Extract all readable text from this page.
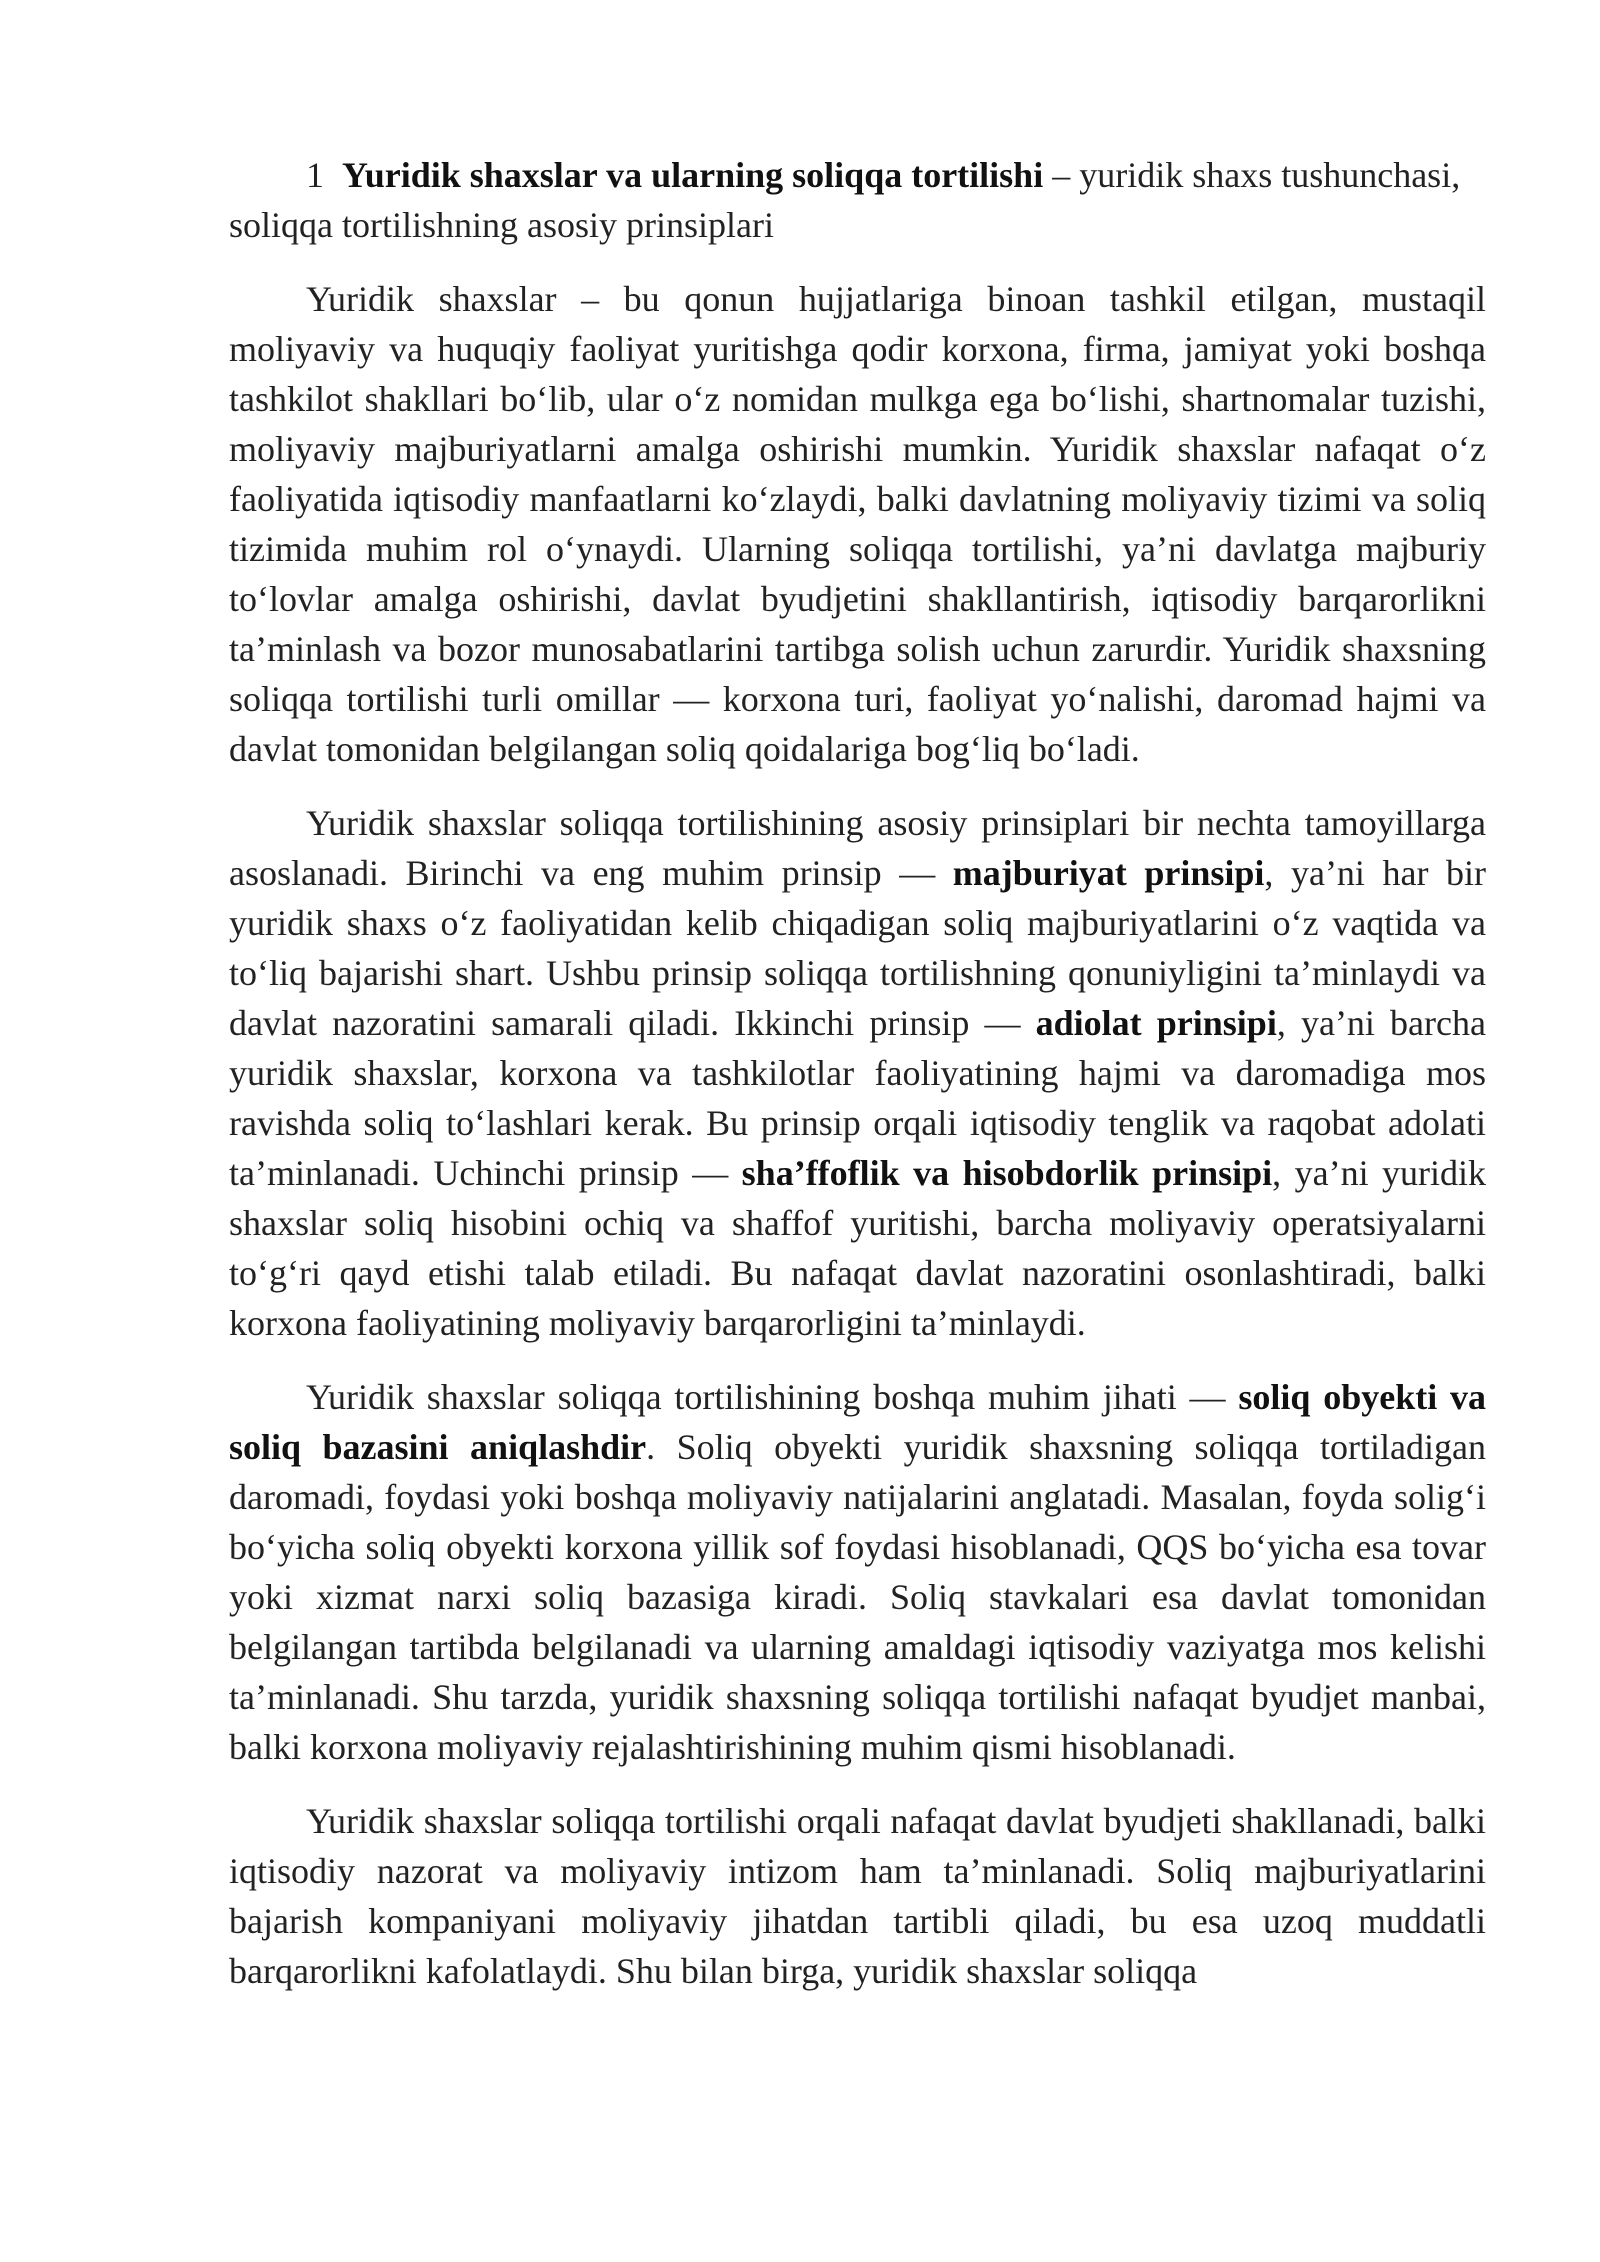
1 Yuridik shaxslar va ularning soliqqa tortilishi – yuridik shaxs tushunchasi, soliqqa tortilishning asosiy prinsiplari

Yuridik shaxslar – bu qonun hujjatlariga binoan tashkil etilgan, mustaqil moliyaviy va huquqiy faoliyat yuritishga qodir korxona, firma, jamiyat yoki boshqa tashkilot shakllari bo‘lib, ular o‘z nomidan mulkga ega bo‘lishi, shartnomalar tuzishi, moliyaviy majburiyatlarni amalga oshirishi mumkin. Yuridik shaxslar nafaqat o‘z faoliyatida iqtisodiy manfaatlarni ko‘zlaydi, balki davlatning moliyaviy tizimi va soliq tizimida muhim rol o‘ynaydi. Ularning soliqqa tortilishi, ya’ni davlatga majburiy to‘lovlar amalga oshirishi, davlat byudjetini shakllantirish, iqtisodiy barqarorlikni ta’minlash va bozor munosabatlarini tartibga solish uchun zarurdir. Yuridik shaxsning soliqqa tortilishi turli omillar — korxona turi, faoliyat yo‘nalishi, daromad hajmi va davlat tomonidan belgilangan soliq qoidalariga bog‘liq bo‘ladi.

Yuridik shaxslar soliqqa tortilishining asosiy prinsiplari bir nechta tamoyillarga asoslanadi. Birinchi va eng muhim prinsip — majburiyat prinsipi, ya’ni har bir yuridik shaxs o‘z faoliyatidan kelib chiqadigan soliq majburiyatlarini o‘z vaqtida va to‘liq bajarishi shart. Ushbu prinsip soliqqa tortilishning qonuniyligini ta’minlaydi va davlat nazoratini samarali qiladi. Ikkinchi prinsip — adiolat prinsipi, ya’ni barcha yuridik shaxslar, korxona va tashkilotlar faoliyatining hajmi va daromadiga mos ravishda soliq to‘lashlari kerak. Bu prinsip orqali iqtisodiy tenglik va raqobat adolati ta’minlanadi. Uchinchi prinsip — sha’ffoflik va hisobdorlik prinsipi, ya’ni yuridik shaxslar soliq hisobini ochiq va shaffof yuritishi, barcha moliyaviy operatsiyalarni to‘g‘ri qayd etishi talab etiladi. Bu nafaqat davlat nazoratini osonlashtiradi, balki korxona faoliyatining moliyaviy barqarorligini ta’minlaydi.

Yuridik shaxslar soliqqa tortilishining boshqa muhim jihati — soliq obyekti va soliq bazasini aniqlashdir. Soliq obyekti yuridik shaxsning soliqqa tortiladigan daromadi, foydasi yoki boshqa moliyaviy natijalarini anglatadi. Masalan, foyda solig‘i bo‘yicha soliq obyekti korxona yillik sof foydasi hisoblanadi, QQS bo‘yicha esa tovar yoki xizmat narxi soliq bazasiga kiradi. Soliq stavkalari esa davlat tomonidan belgilangan tartibda belgilanadi va ularning amaldagi iqtisodiy vaziyatga mos kelishi ta’minlanadi. Shu tarzda, yuridik shaxsning soliqqa tortilishi nafaqat byudjet manbai, balki korxona moliyaviy rejalashtirishining muhim qismi hisoblanadi.

Yuridik shaxslar soliqqa tortilishi orqali nafaqat davlat byudjeti shakllanadi, balki iqtisodiy nazorat va moliyaviy intizom ham ta’minlanadi. Soliq majburiyatlarini bajarish kompaniyani moliyaviy jihatdan tartibli qiladi, bu esa uzoq muddatli barqarorlikni kafolatlaydi. Shu bilan birga, yuridik shaxslar soliqqa
